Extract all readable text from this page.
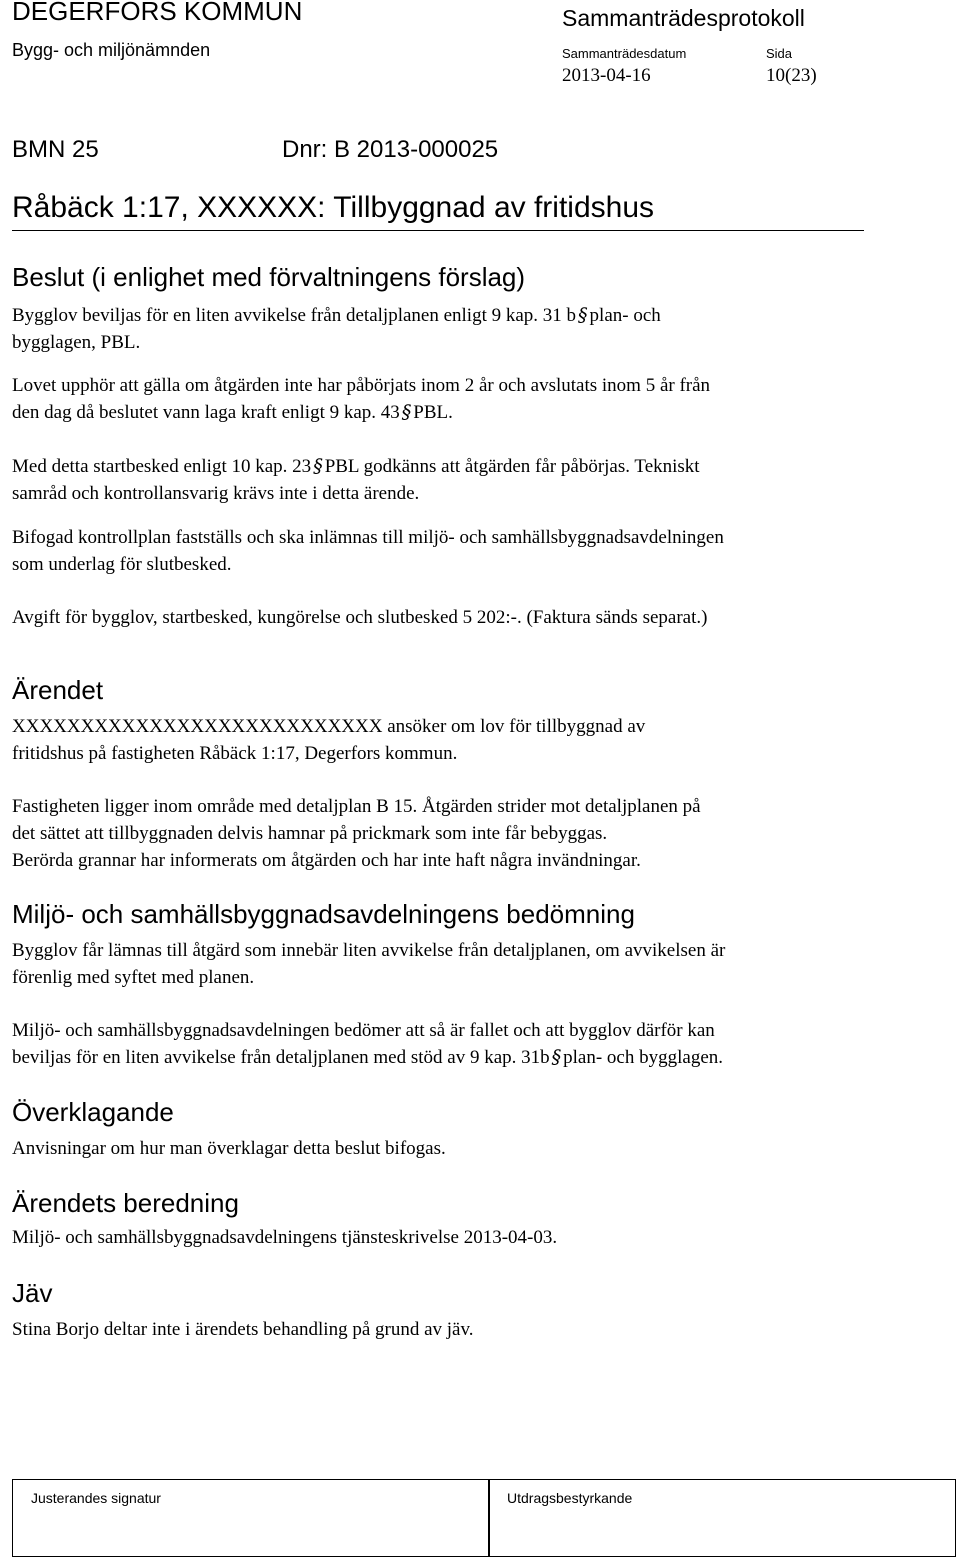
DEGERFORS KOMMUN
Bygg- och miljönämnden
Sammanträdesprotokoll
Sammanträdesdatum	Sida
2013-04-16	10(23)
BMN 25	Dnr: B 2013-000025
Råbäck 1:17, XXXXXX: Tillbyggnad av fritidshus
Beslut (i enlighet med förvaltningens förslag)
Bygglov beviljas för en liten avvikelse från detaljplanen enligt 9 kap. 31 b § plan- och
bygglagen, PBL.
Lovet upphör att gälla om åtgärden inte har påbörjats inom 2 år och avslutats inom 5 år från
den dag då beslutet vann laga kraft enligt 9 kap. 43 § PBL.
Med detta startbesked enligt 10 kap. 23 § PBL godkänns att åtgärden får påbörjas. Tekniskt
samråd och kontrollansvarig krävs inte i detta ärende.
Bifogad kontrollplan fastställs och ska inlämnas till miljö- och samhällsbyggnadsavdelningen
som underlag för slutbesked.
Avgift för bygglov, startbesked, kungörelse och slutbesked 5 202:-. (Faktura sänds separat.)
Ärendet
XXXXXXXXXXXXXXXXXXXXXXXXXXX ansöker om lov för tillbyggnad av
fritidshus på fastigheten Råbäck 1:17, Degerfors kommun.
Fastigheten ligger inom område med detaljplan B 15. Åtgärden strider mot detaljplanen på
det sättet att tillbyggnaden delvis hamnar på prickmark som inte får bebyggas.
Berörda grannar har informerats om åtgärden och har inte haft några invändningar.
Miljö- och samhällsbyggnadsavdelningens bedömning
Bygglov får lämnas till åtgärd som innebär liten avvikelse från detaljplanen, om avvikelsen är
förenlig med syftet med planen.
Miljö- och samhällsbyggnadsavdelningen bedömer att så är fallet och att bygglov därför kan
beviljas för en liten avvikelse från detaljplanen med stöd av 9 kap. 31b § plan- och bygglagen.
Överklagande
Anvisningar om hur man överklagar detta beslut bifogas.
Ärendets beredning
Miljö- och samhällsbyggnadsavdelningens tjänsteskrivelse 2013-04-03.
Jäv
Stina Borjo deltar inte i ärendets behandling på grund av jäv.
Justerandes signatur	Utdragsbestyrkande
